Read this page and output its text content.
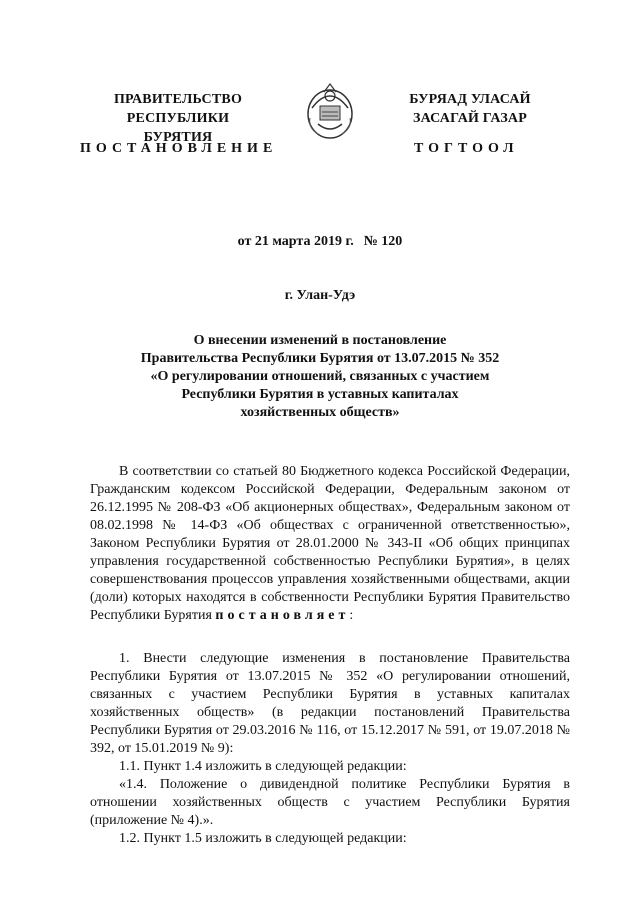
ПРАВИТЕЛЬСТВО
РЕСПУБЛИКИ БУРЯТИЯ
БУРЯАД УЛАСАЙ
ЗАСАГАЙ ГАЗАР
ПОСТАНОВЛЕНИЕ	ТОГТООЛ
от 21 марта 2019 г. № 120
г. Улан-Удэ
О внесении изменений в постановление
Правительства Республики Бурятия от 13.07.2015 № 352
«О регулировании отношений, связанных с участием
Республики Бурятия в уставных капиталах
хозяйственных обществ»

В соответствии со статьей 80 Бюджетного кодекса Российской Федерации, Гражданским кодексом Российской Федерации, Федеральным законом от 26.12.1995 № 208-ФЗ «Об акционерных обществах», Федеральным законом от 08.02.1998 № 14-ФЗ «Об обществах с ограниченной ответственностью», Законом Республики Бурятия от 28.01.2000 № 343-II «Об общих принципах управления государственной собственностью Республики Бурятия», в целях совершенствования процессов управления хозяйственными обществами, акции (доли) которых находятся в собственности Республики Бурятия Правительство Республики Бурятия постановляет:

1. Внести следующие изменения в постановление Правительства Республики Бурятия от 13.07.2015 № 352 «О регулировании отношений, связанных с участием Республики Бурятия в уставных капиталах хозяйственных обществ» (в редакции постановлений Правительства Республики Бурятия от 29.03.2016 № 116, от 15.12.2017 № 591, от 19.07.2018 № 392, от 15.01.2019 № 9):

1.1. Пункт 1.4 изложить в следующей редакции:

«1.4. Положение о дивидендной политике Республики Бурятия в отношении хозяйственных обществ с участием Республики Бурятия (приложение № 4).».

1.2. Пункт 1.5 изложить в следующей редакции:
